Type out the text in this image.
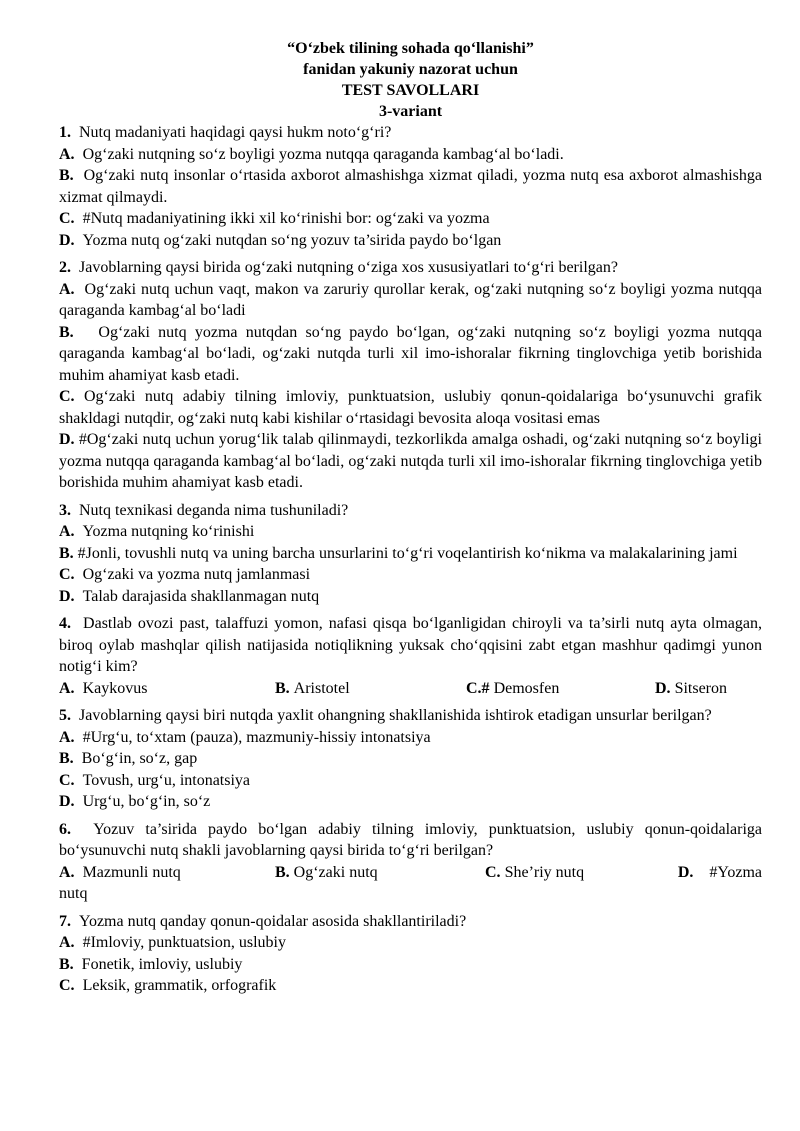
“O‘zbek tilining sohada qo‘llanishi”
fanidan yakuniy nazorat uchun
TEST SAVOLLARI
3-variant
1. Nutq madaniyati haqidagi qaysi hukm noto‘g‘ri?
A. Og‘zaki nutqning so‘z boyligi yozma nutqqa qaraganda kambag‘al bo‘ladi.
B. Og‘zaki nutq insonlar o‘rtasida axborot almashishga xizmat qiladi, yozma nutq esa axborot almashishga xizmat qilmaydi.
C. #Nutq madaniyatining ikki xil ko‘rinishi bor: og‘zaki va yozma
D. Yozma nutq og‘zaki nutqdan so‘ng yozuv ta’sirida paydo bo‘lgan
2. Javoblarning qaysi birida og‘zaki nutqning o‘ziga xos xususiyatlari to‘g‘ri berilgan?
A. Og‘zaki nutq uchun vaqt, makon va zaruriy qurollar kerak, og‘zaki nutqning so‘z boyligi yozma nutqqa qaraganda kambag‘al bo‘ladi
B. Og‘zaki nutq yozma nutqdan so‘ng paydo bo‘lgan, og‘zaki nutqning so‘z boyligi yozma nutqqa qaraganda kambag‘al bo‘ladi, og‘zaki nutqda turli xil imo-ishoralar fikrning tinglovchiga yetib borishida muhim ahamiyat kasb etadi.
C. Og‘zaki nutq adabiy tilning imloviy, punktuatsion, uslubiy qonun-qoidalariga bo‘ysunuvchi grafik shakldagi nutqdir, og‘zaki nutq kabi kishilar o‘rtasidagi bevosita aloqa vositasi emas
D. #Og‘zaki nutq uchun yorug‘lik talab qilinmaydi, tezkorlikda amalga oshadi, og‘zaki nutqning so‘z boyligi yozma nutqqa qaraganda kambag‘al bo‘ladi, og‘zaki nutqda turli xil imo-ishoralar fikrning tinglovchiga yetib borishida muhim ahamiyat kasb etadi.
3. Nutq texnikasi deganda nima tushuniladi?
A. Yozma nutqning ko‘rinishi
B. #Jonli, tovushli nutq va uning barcha unsurlarini to‘g‘ri voqelantirish ko‘nikma va malakalarining jami
C. Og‘zaki va yozma nutq jamlanmasi
D. Talab darajasida shakllanmagan nutq
4. Dastlab ovozi past, talaffuzi yomon, nafasi qisqa bo‘lganligidan chiroyli va ta’sirli nutq ayta olmagan, biroq oylab mashqlar qilish natijasida notiqlikning yuksak cho‘qqisini zabt etgan mashhur qadimgi yunon notig‘i kim?
A. Kaykovus	B. Aristotel	C.# Demosfen	D. Sitseron
5. Javoblarning qaysi biri nutqda yaxlit ohangning shakllanishida ishtirok etadigan unsurlar berilgan?
A. #Urg‘u, to‘xtam (pauza), mazmuniy-hissiy intonatsiya
B. Bo‘g‘in, so‘z, gap
C. Tovush, urg‘u, intonatsiya
D. Urg‘u, bo‘g‘in, so‘z
6. Yozuv ta’sirida paydo bo‘lgan adabiy tilning imloviy, punktuatsion, uslubiy qonun-qoidalariga bo‘ysunuvchi nutq shakli javoblarning qaysi birida to‘g‘ri berilgan?
A. Mazmunli nutq	B. Og‘zaki nutq	C. She’riy nutq	D. #Yozma
nutq
7. Yozma nutq qanday qonun-qoidalar asosida shakllantiriladi?
A. #Imloviy, punktuatsion, uslubiy
B. Fonetik, imloviy, uslubiy
C. Leksik, grammatik, orfografik
